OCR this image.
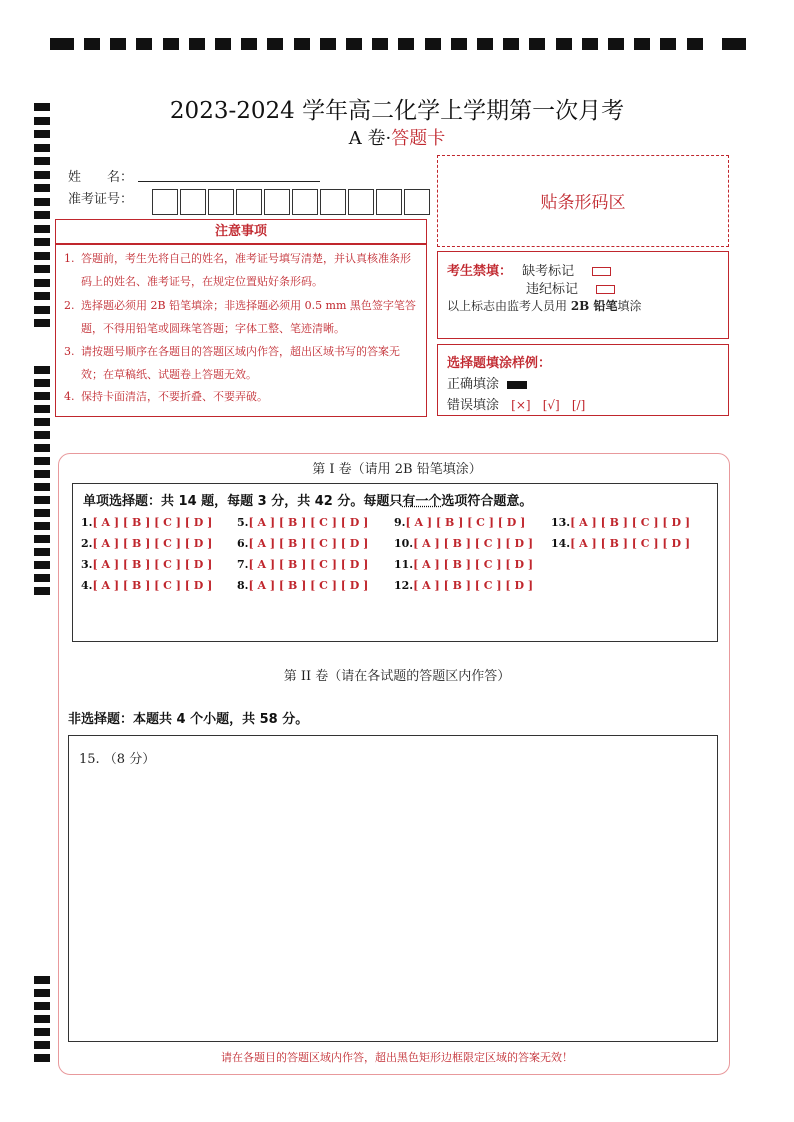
2023-2024 学年高二化学上学期第一次月考
A 卷·答题卡
姓　　名：
准考证号：	贴条形码区
注意事项
1. 答题前，考生先将自己的姓名，准考证号填写清楚，并认真核准条形码上的姓名、准考证号，在规定位置贴好条形码。
2. 选择题必须用 2B 铅笔填涂；非选择题必须用 0.5 mm 黑色签字笔答题，不得用铅笔或圆珠笔答题；字体工整、笔迹清晰。
3. 请按题号顺序在各题目的答题区域内作答，超出区域书写的答案无效；在草稿纸、试题卷上答题无效。
4. 保持卡面清洁，不要折叠、不要弄破。
考生禁填： 缺考标记
违纪标记
以上标志由监考人员用 2B 铅笔填涂
选择题填涂样例：
正确填涂
错误填涂 [×] [√] [/]
第 I 卷（请用 2B 铅笔填涂）
单项选择题：共 14 题，每题 3 分，共 42 分。每题只有一个选项符合题意。
1.[ A ] [ B ] [ C ] [ D ]
2.[ A ] [ B ] [ C ] [ D ]
3.[ A ] [ B ] [ C ] [ D ]
4.[ A ] [ B ] [ C ] [ D ]
5.[ A ] [ B ] [ C ] [ D ]
6.[ A ] [ B ] [ C ] [ D ]
7.[ A ] [ B ] [ C ] [ D ]
8.[ A ] [ B ] [ C ] [ D ]
9.[ A ] [ B ] [ C ] [ D ]
10.[ A ] [ B ] [ C ] [ D ]
11.[ A ] [ B ] [ C ] [ D ]
12.[ A ] [ B ] [ C ] [ D ]
13.[ A ] [ B ] [ C ] [ D ]
14.[ A ] [ B ] [ C ] [ D ]
第 II 卷（请在各试题的答题区内作答）
非选择题：本题共 4 个小题，共 58 分。
15. （8 分）
请在各题目的答题区域内作答，超出黑色矩形边框限定区域的答案无效！
